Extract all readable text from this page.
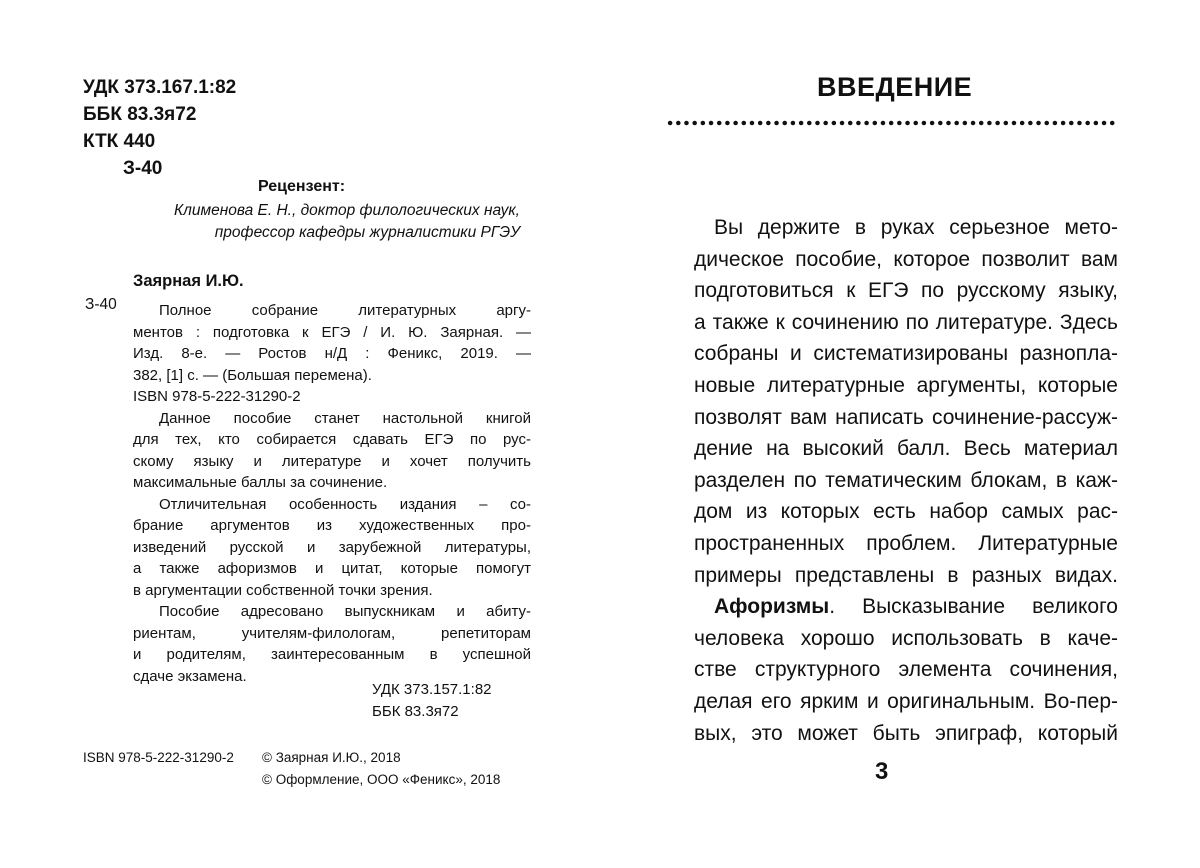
УДК 373.167.1:82
ББК 83.3я72
КТК 440
З-40
Рецензент:
Клименова Е. Н., доктор филологических наук,
профессор кафедры журналистики РГЭУ
Заярная И.Ю.
З-40	Полное собрание литературных аргу-
ментов : подготовка к ЕГЭ / И. Ю. Заярная. —
Изд. 8-е. — Ростов н/Д : Феникс, 2019. —
382, [1] с. — (Большая перемена).
ISBN 978-5-222-31290-2
Данное пособие станет настольной книгой
для тех, кто собирается сдавать ЕГЭ по рус-
скому языку и литературе и хочет получить
максимальные баллы за сочинение.
Отличительная особенность издания – со-
брание аргументов из художественных про-
изведений русской и зарубежной литературы,
а также афоризмов и цитат, которые помогут
в аргументации собственной точки зрения.
Пособие адресовано выпускникам и абиту-
риентам, учителям-филологам, репетиторам
и родителям, заинтересованным в успешной
сдаче экзамена.
УДК 373.157.1:82
ББК 83.3я72
ISBN 978-5-222-31290-2 © Заярная И.Ю., 2018
© Оформление, ООО «Феникс», 2018
ВВЕДЕНИЕ
Вы держите в руках серьезное мето-
дическое пособие, которое позволит вам
подготовиться к ЕГЭ по русскому языку,
а также к сочинению по литературе. Здесь
собраны и систематизированы разнопла-
новые литературные аргументы, которые
позволят вам написать сочинение-рассуж-
дение на высокий балл. Весь материал
разделен по тематическим блокам, в каж-
дом из которых есть набор самых рас-
пространенных проблем. Литературные
примеры представлены в разных видах.
Афоризмы. Высказывание великого
человека хорошо использовать в каче-
стве структурного элемента сочинения,
делая его ярким и оригинальным. Во-пер-
вых, это может быть эпиграф, который
3
